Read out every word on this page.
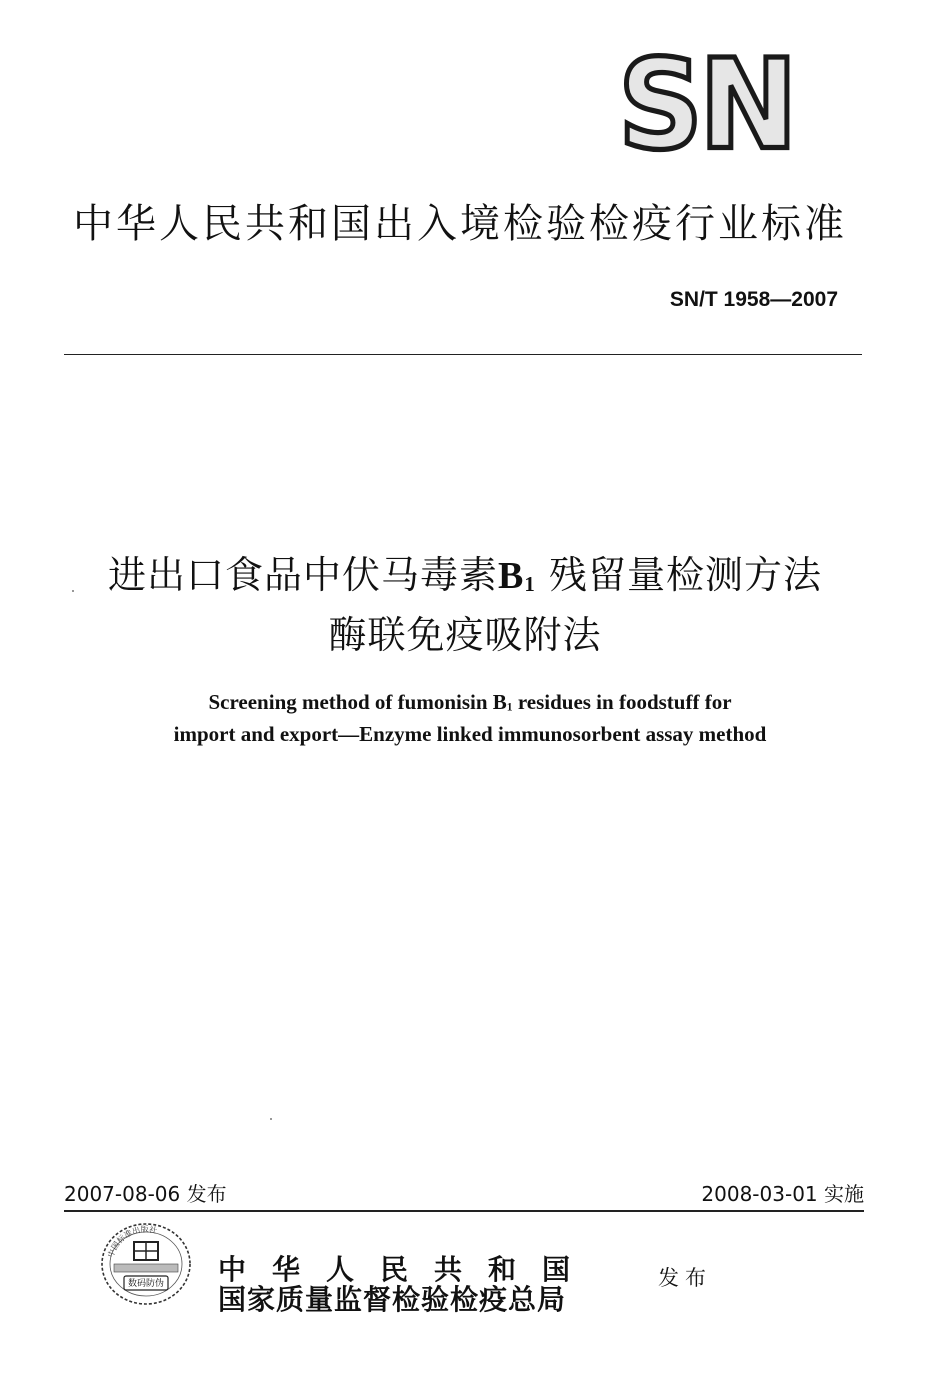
SN
中华人民共和国出入境检验检疫行业标准
SN/T 1958—2007
进出口食品中伏马毒素$B_1$ 残留量检测方法
酶联免疫吸附法
Screening method of fumonisin $B_1$ residues in foodstuff for
import and export—Enzyme linked immunosorbent assay method
2007-08-06 发布	2008-03-01 实施
中国标准出版社
数码防伪 中华人民共和国
国家质量监督检验检疫总局
发布
